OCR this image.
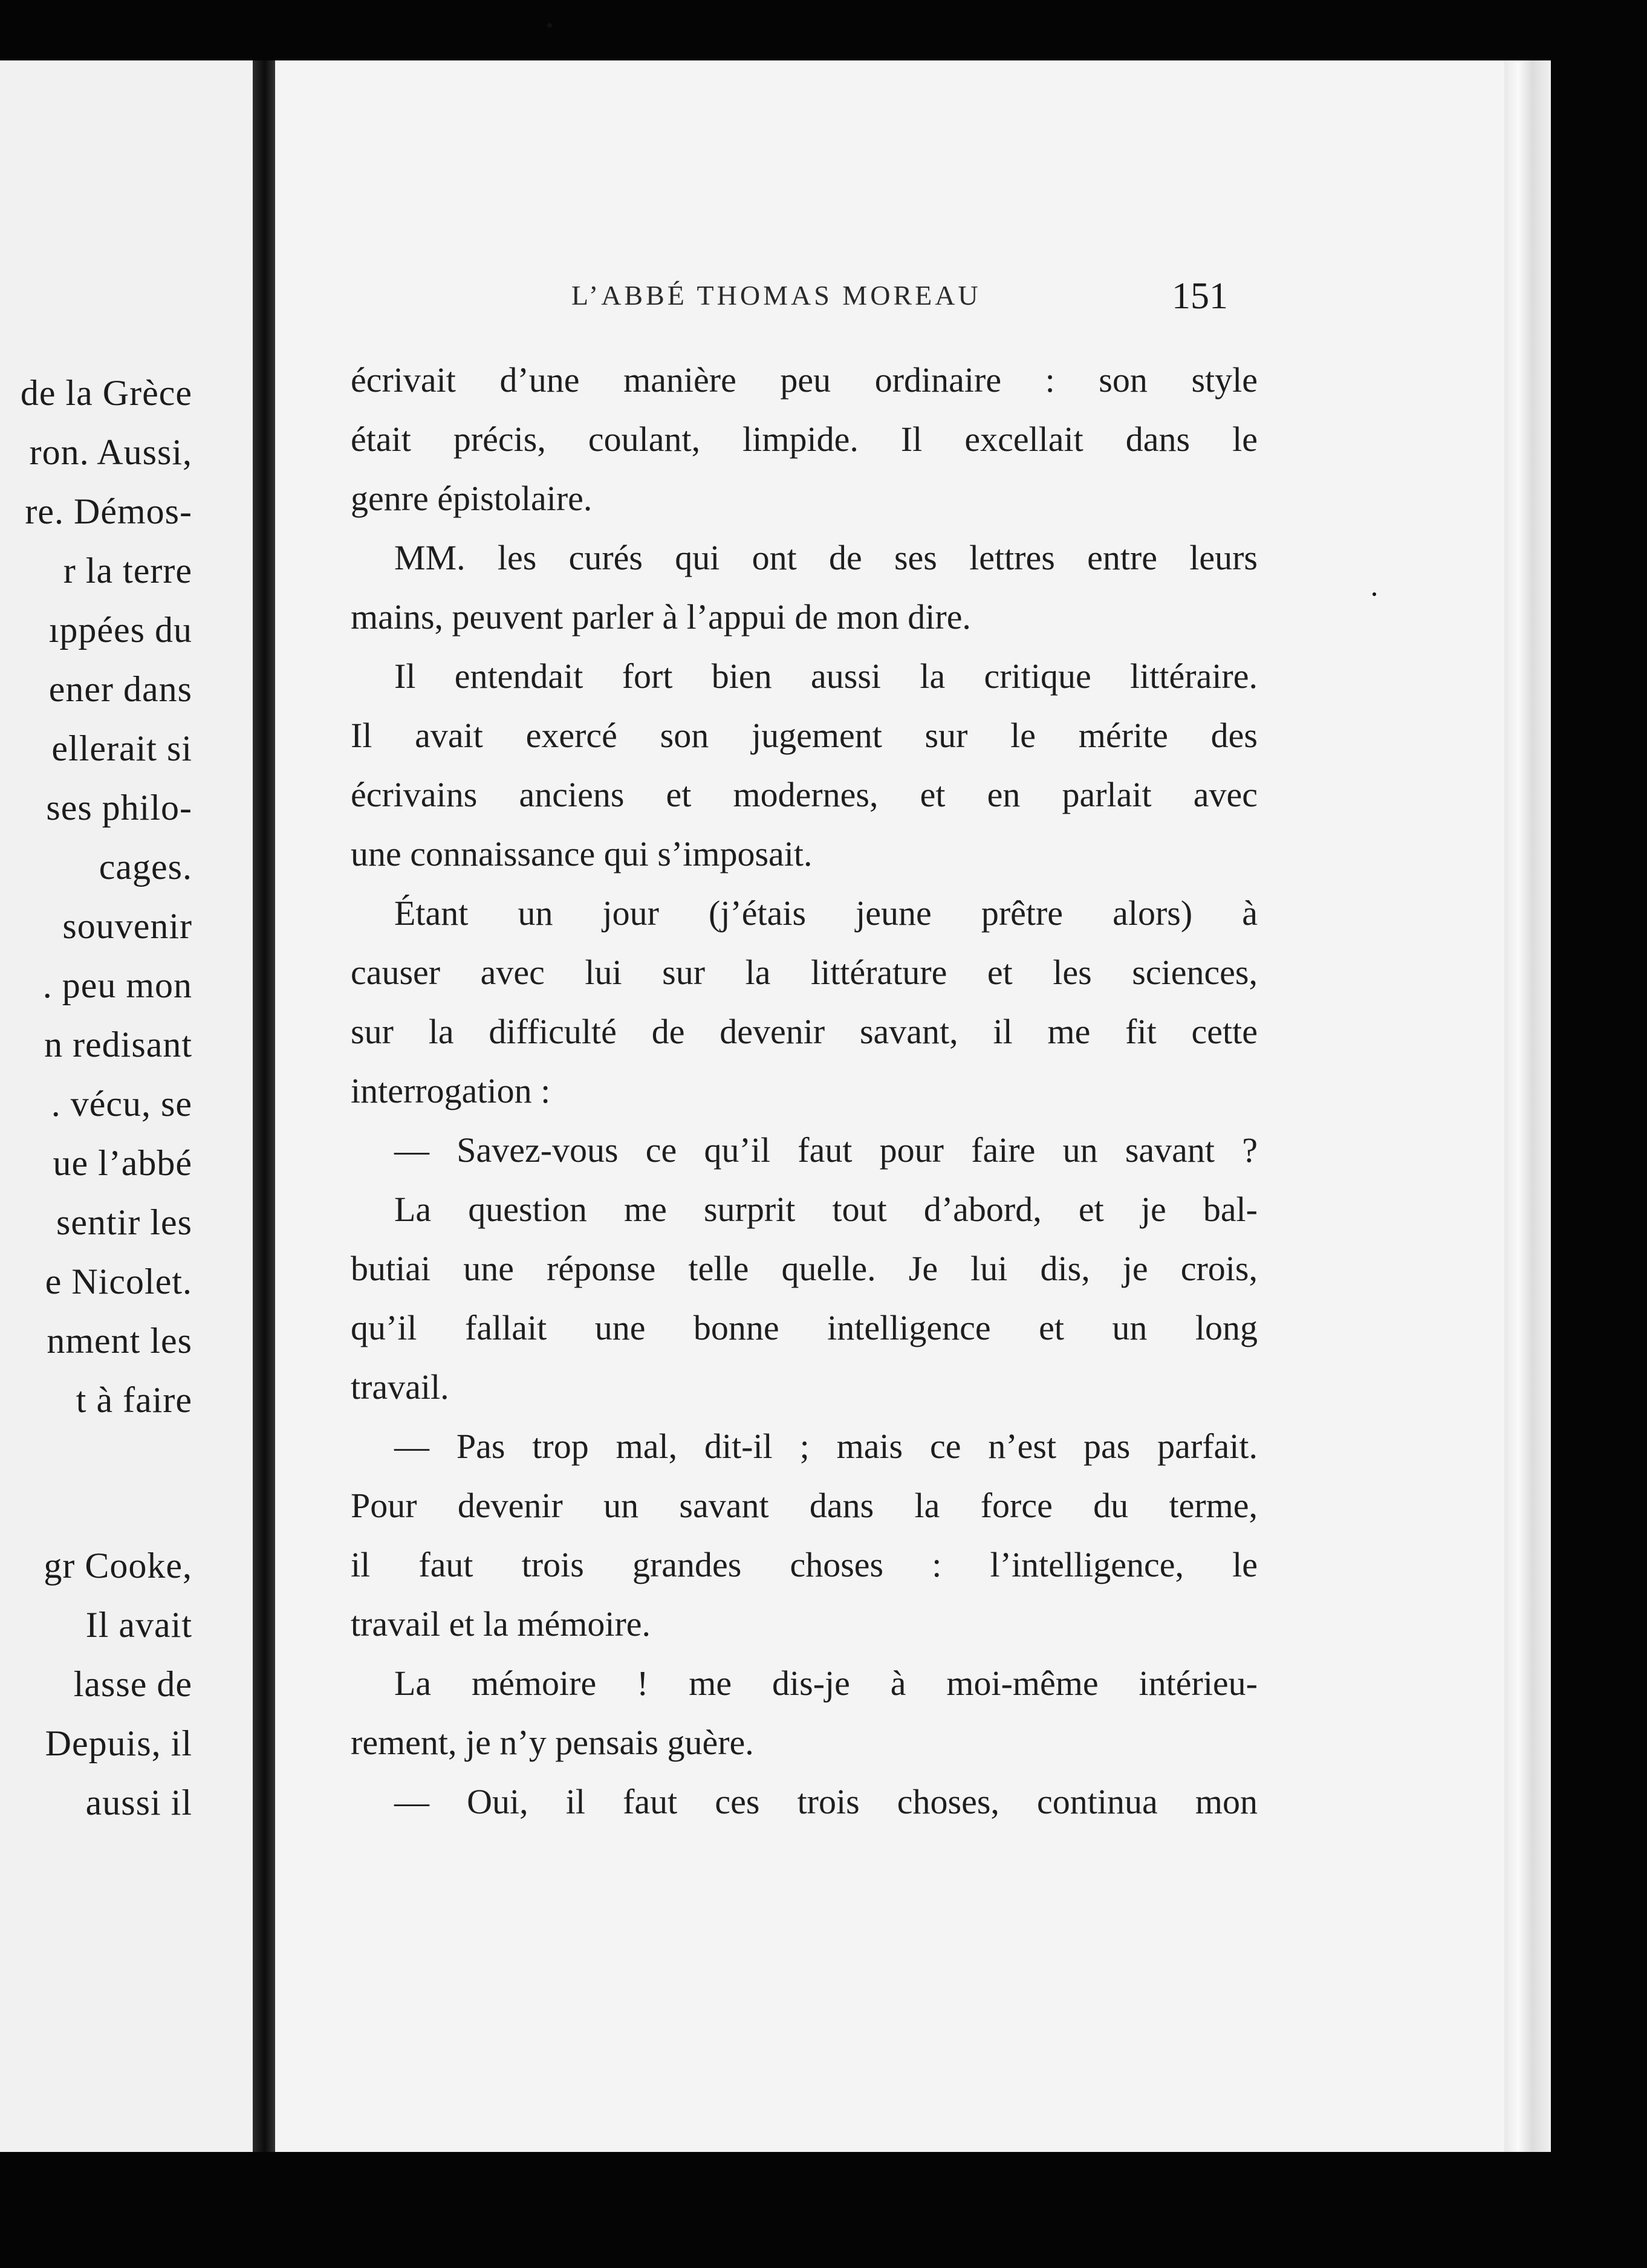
de la Grèce
ron. Aussi,
re. Démos-
r la terre
ıppées du
ener dans
ellerait si
ses philo-
cages.
souvenir
. peu mon
n redisant
. vécu, se
ue l’abbé
sentir les
e Nicolet.
nment les
t à faire
gr Cooke,
Il avait
lasse de
Depuis, il
aussi il
L’ABBÉ THOMAS MOREAU	151
écrivait d’une manière peu ordinaire : son style
était précis, coulant, limpide. Il excellait dans le
genre épistolaire.
MM. les curés qui ont de ses lettres entre leurs
mains, peuvent parler à l’appui de mon dire.
Il entendait fort bien aussi la critique littéraire.
Il avait exercé son jugement sur le mérite des
écrivains anciens et modernes, et en parlait avec
une connaissance qui s’imposait.
Étant un jour (j’étais jeune prêtre alors) à
causer avec lui sur la littérature et les sciences,
sur la difficulté de devenir savant, il me fit cette
interrogation :
— Savez-vous ce qu’il faut pour faire un savant ?
La question me surprit tout d’abord, et je bal-
butiai une réponse telle quelle. Je lui dis, je crois,
qu’il fallait une bonne intelligence et un long
travail.
— Pas trop mal, dit-il ; mais ce n’est pas parfait.
Pour devenir un savant dans la force du terme,
il faut trois grandes choses : l’intelligence, le
travail et la mémoire.
La mémoire ! me dis-je à moi-même intérieu-
rement, je n’y pensais guère.
— Oui, il faut ces trois choses, continua mon
